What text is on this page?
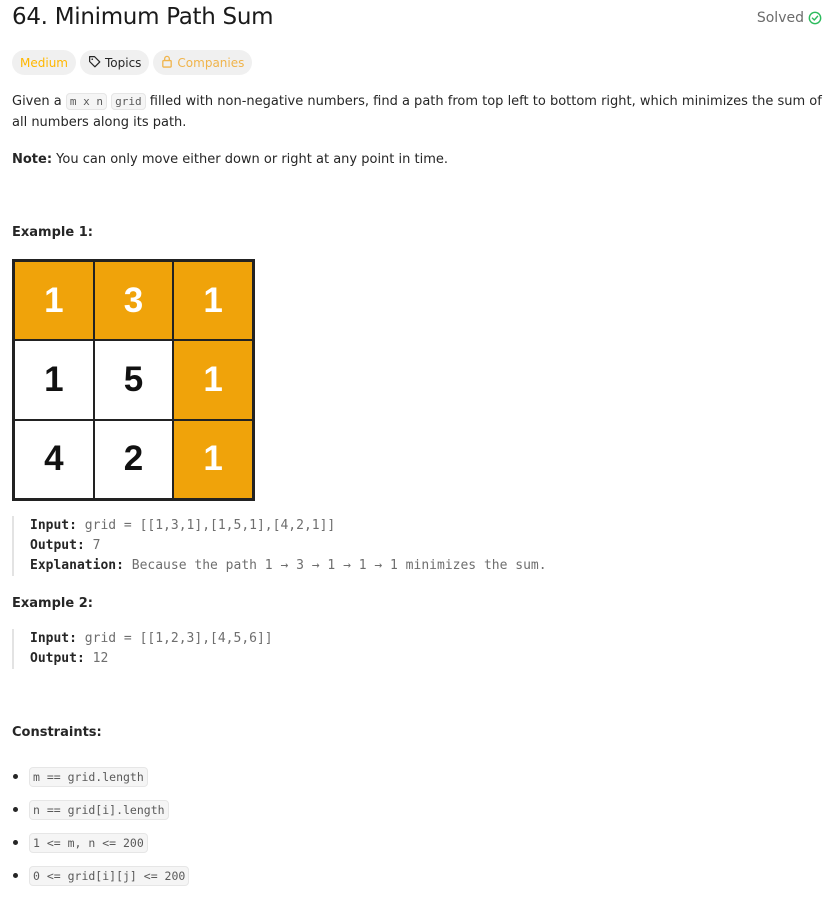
64. Minimum Path Sum	Solved
Medium	Topics	Companies
Given a m x n grid filled with non-negative numbers, find a path from top left to bottom right, which minimizes the sum of all numbers along its path.
Note: You can only move either down or right at any point in time.
Example 1:
1	3	1
1	5	1
4	2	1
Input: grid = [[1,3,1],[1,5,1],[4,2,1]]
Output: 7
Explanation: Because the path 1 → 3 → 1 → 1 → 1 minimizes the sum.
Example 2:
Input: grid = [[1,2,3],[4,5,6]]
Output: 12
Constraints:
m == grid.length
n == grid[i].length
1 <= m, n <= 200
0 <= grid[i][j] <= 200
